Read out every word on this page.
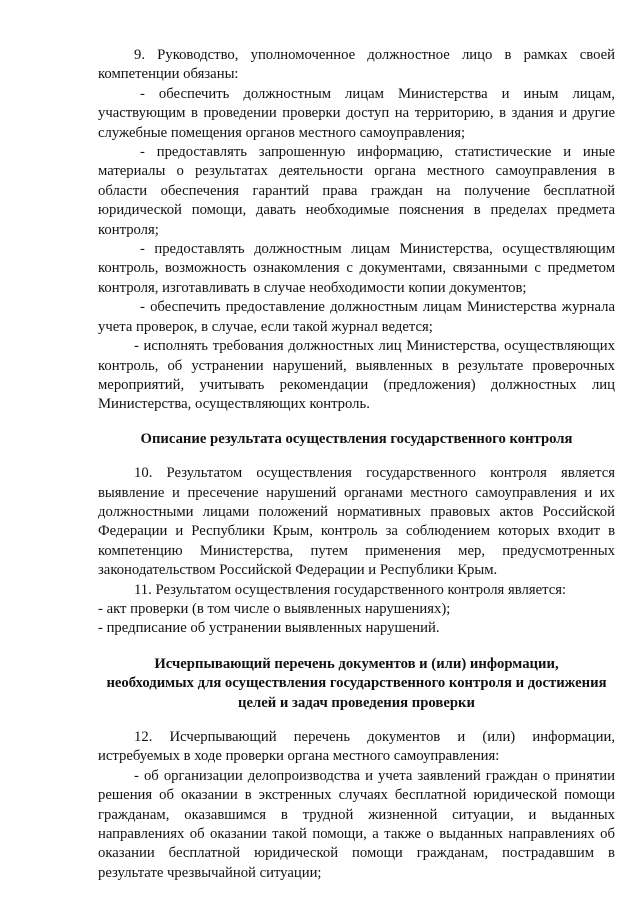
9. Руководство, уполномоченное должностное лицо в рамках своей компетенции обязаны:

- обеспечить должностным лицам Министерства и иным лицам, участвующим в проведении проверки доступ на территорию, в здания и другие служебные помещения органов местного самоуправления;

- предоставлять запрошенную информацию, статистические и иные материалы о результатах деятельности органа местного самоуправления в области обеспечения гарантий права граждан на получение бесплатной юридической помощи, давать необходимые пояснения в пределах предмета контроля;

- предоставлять должностным лицам Министерства, осуществляющим контроль, возможность ознакомления с документами, связанными с предметом контроля, изготавливать в случае необходимости копии документов;

- обеспечить предоставление должностным лицам Министерства журнала учета проверок, в случае, если такой журнал ведется;

- исполнять требования должностных лиц Министерства, осуществляющих контроль, об устранении нарушений, выявленных в результате проверочных мероприятий, учитывать рекомендации (предложения) должностных лиц Министерства, осуществляющих контроль.

Описание результата осуществления государственного контроля

10. Результатом осуществления государственного контроля является выявление и пресечение нарушений органами местного самоуправления и их должностными лицами положений нормативных правовых актов Российской Федерации и Республики Крым, контроль за соблюдением которых входит в компетенцию Министерства, путем применения мер, предусмотренных законодательством Российской Федерации и Республики Крым.

11. Результатом осуществления государственного контроля является:

- акт проверки (в том числе о выявленных нарушениях);

- предписание об устранении выявленных нарушений.

Исчерпывающий перечень документов и (или) информации,
необходимых для осуществления государственного контроля и достижения
целей и задач проведения проверки

12. Исчерпывающий перечень документов и (или) информации, истребуемых в ходе проверки органа местного самоуправления:

- об организации делопроизводства и учета заявлений граждан о принятии решения об оказании в экстренных случаях бесплатной юридической помощи гражданам, оказавшимся в трудной жизненной ситуации, и выданных направлениях об оказании такой помощи, а также о выданных направлениях об оказании бесплатной юридической помощи гражданам, пострадавшим в результате чрезвычайной ситуации;
